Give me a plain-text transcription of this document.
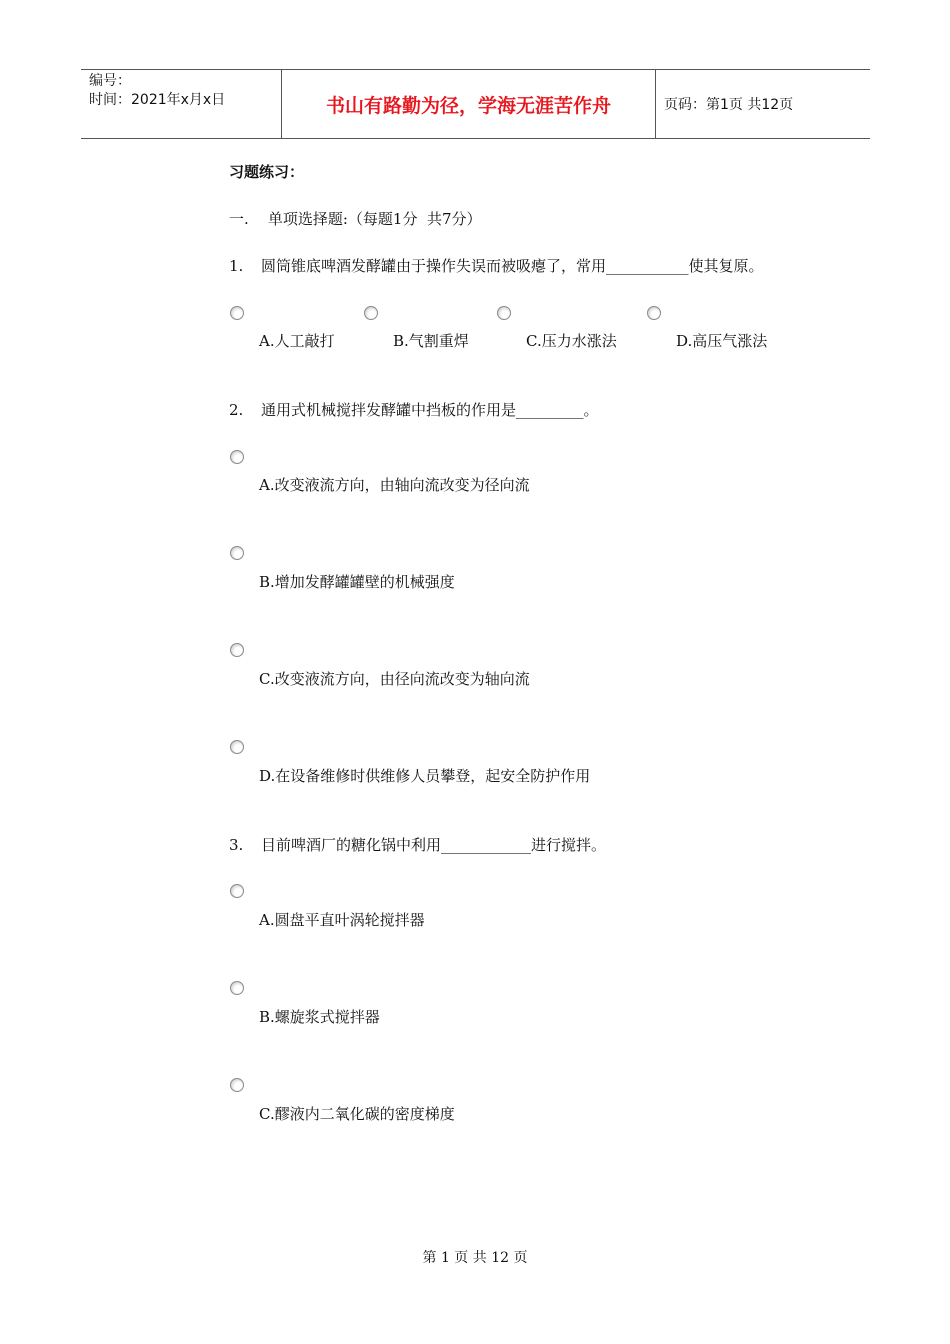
编号：
时间：2021年x月x日	书山有路勤为径，学海无涯苦作舟	页码：第1页 共12页
习题练习：
一.    单项选择题:（每题1分  共7分）
1. 圆筒锥底啤酒发酵罐由于操作失误而被吸瘪了，常用___________使其复原。
A.人工敲打	B.气割重焊	C.压力水涨法	D.高压气涨法
2. 通用式机械搅拌发酵罐中挡板的作用是_________。
A.改变液流方向，由轴向流改变为径向流
B.增加发酵罐罐壁的机械强度
C.改变液流方向，由径向流改变为轴向流
D.在设备维修时供维修人员攀登，起安全防护作用
3. 目前啤酒厂的糖化锅中利用____________进行搅拌。
A.圆盘平直叶涡轮搅拌器
B.螺旋浆式搅拌器
C.醪液内二氧化碳的密度梯度
第 1 页 共 12 页
